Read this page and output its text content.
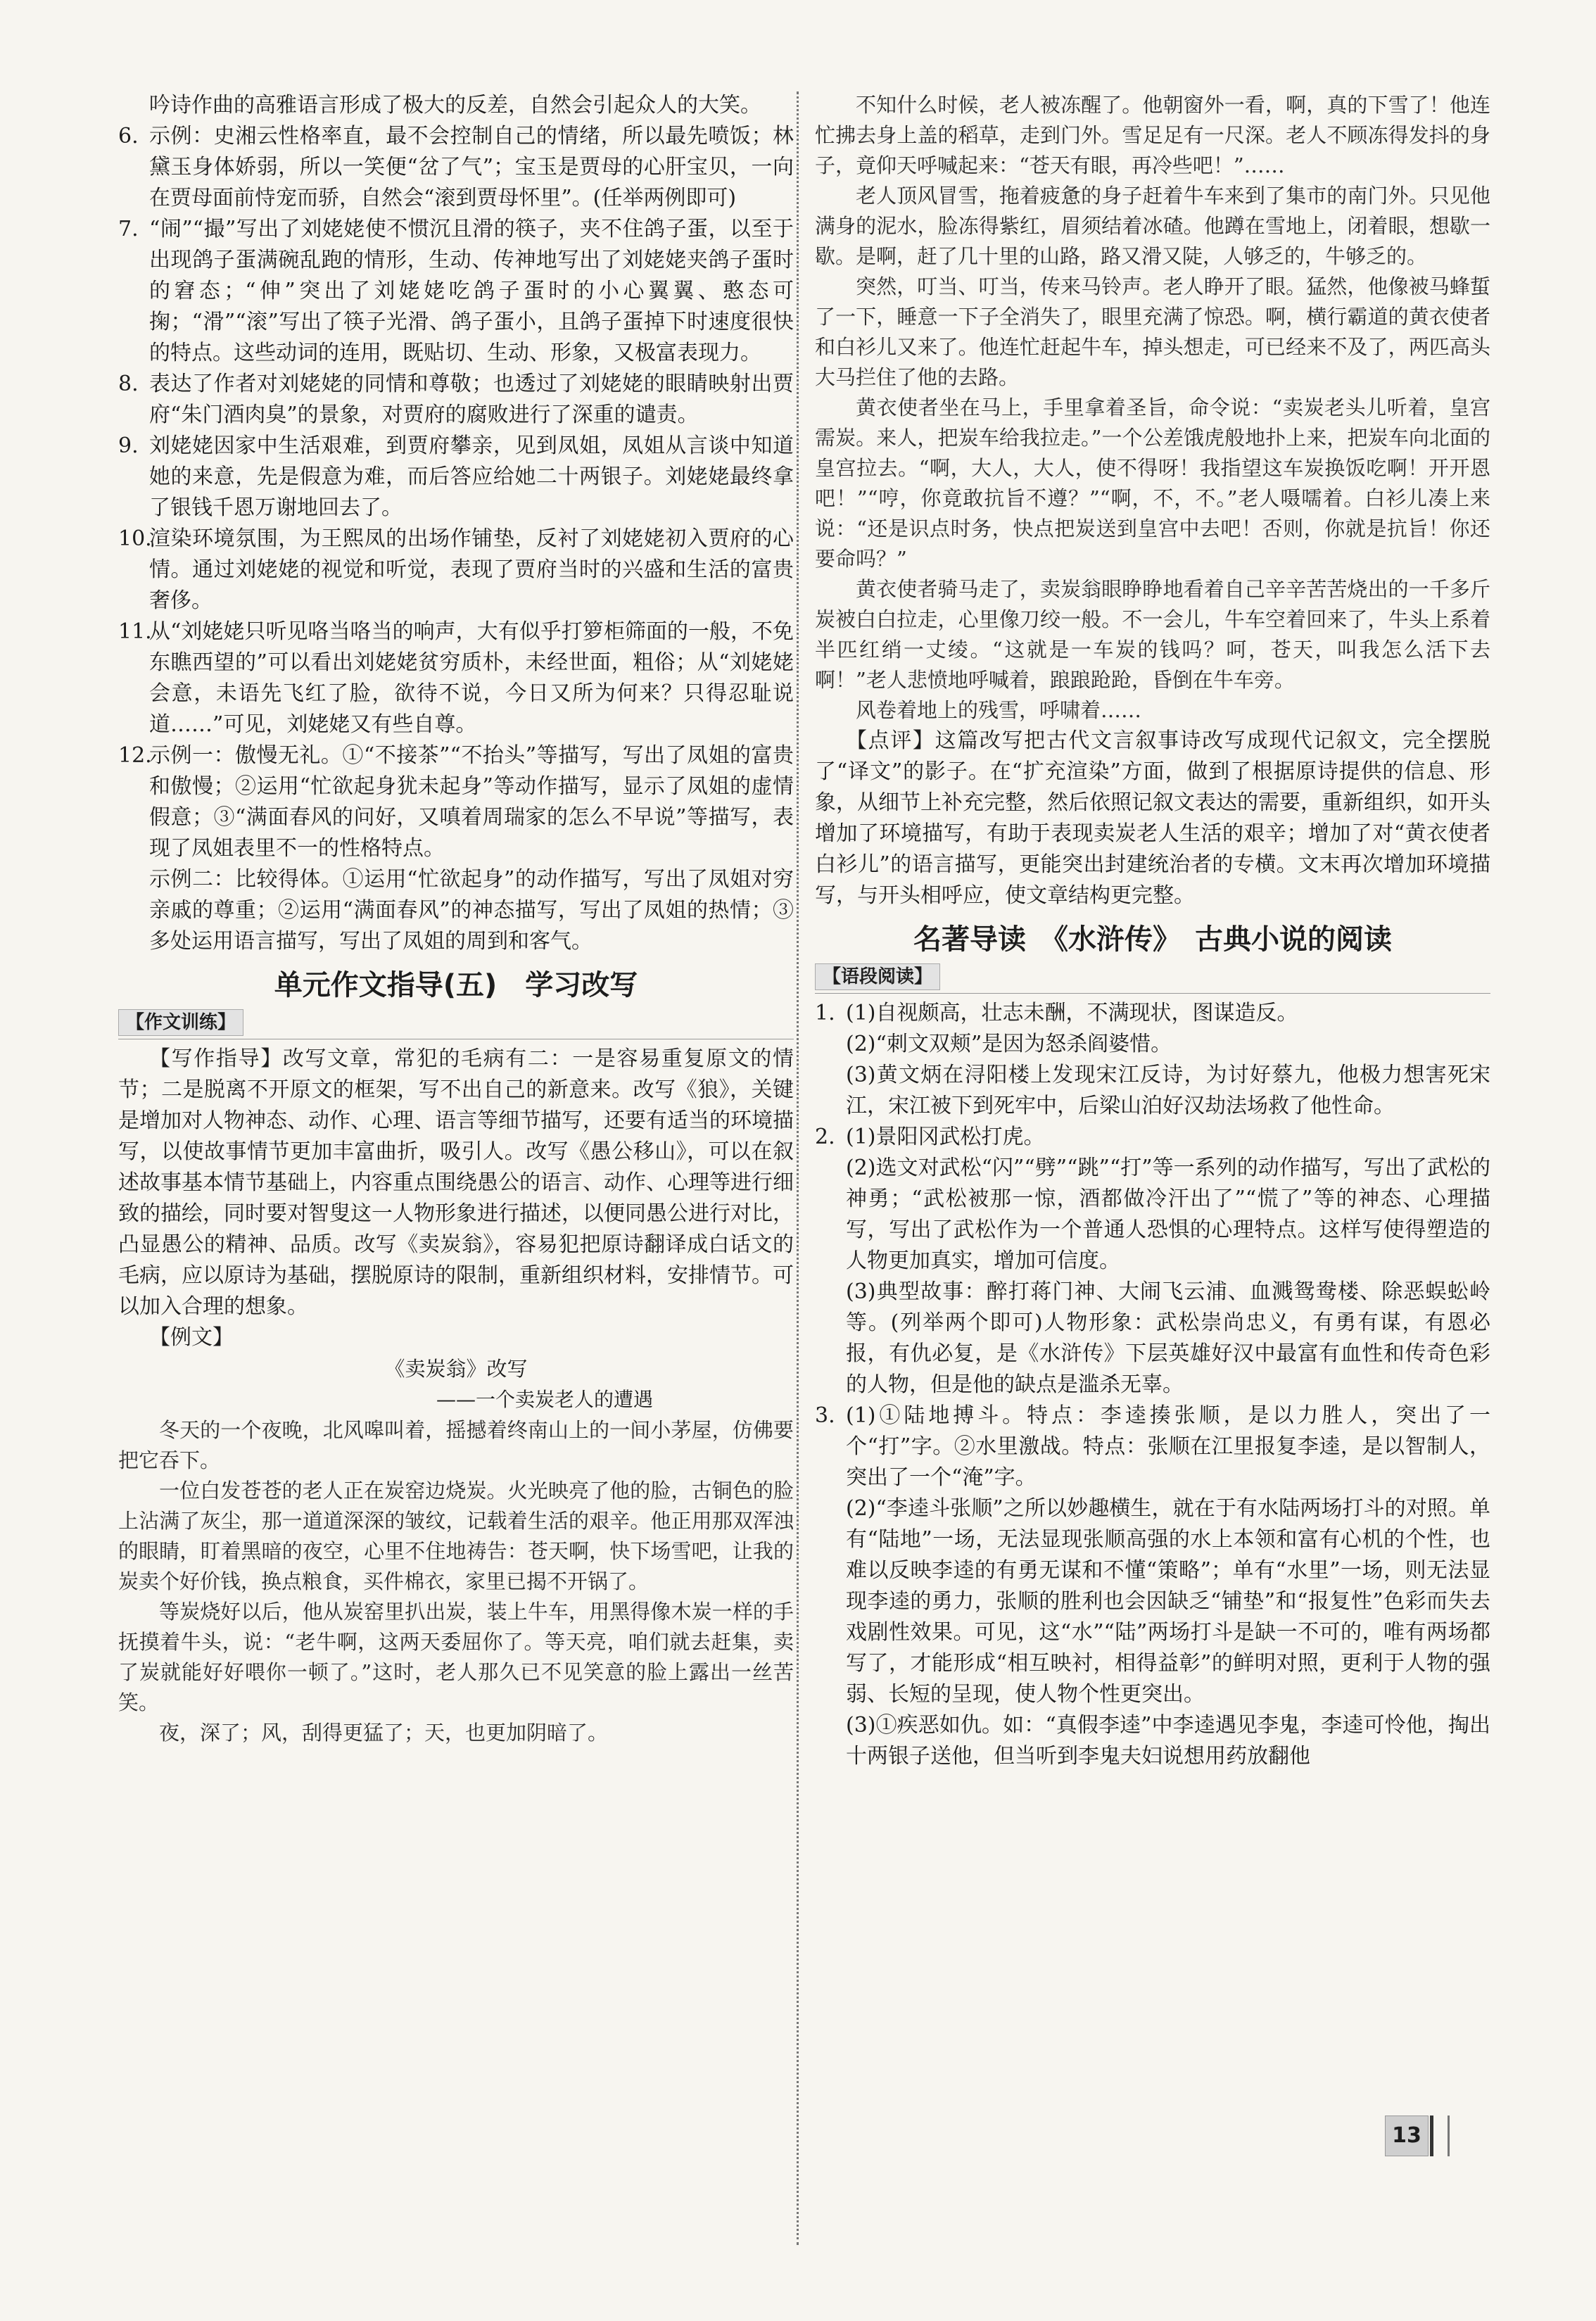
吟诗作曲的高雅语言形成了极大的反差，自然会引起众人的大笑。

6. 示例：史湘云性格率直，最不会控制自己的情绪，所以最先喷饭；林黛玉身体娇弱，所以一笑便“岔了气”；宝玉是贾母的心肝宝贝，一向在贾母面前恃宠而骄，自然会“滚到贾母怀里”。(任举两例即可)

7. “闹”“撮”写出了刘姥姥使不惯沉且滑的筷子，夹不住鸽子蛋，以至于出现鸽子蛋满碗乱跑的情形，生动、传神地写出了刘姥姥夹鸽子蛋时的窘态；“伸”突出了刘姥姥吃鸽子蛋时的小心翼翼、憨态可掬；“滑”“滚”写出了筷子光滑、鸽子蛋小，且鸽子蛋掉下时速度很快的特点。这些动词的连用，既贴切、生动、形象，又极富表现力。

8. 表达了作者对刘姥姥的同情和尊敬；也透过了刘姥姥的眼睛映射出贾府“朱门酒肉臭”的景象，对贾府的腐败进行了深重的谴责。

9. 刘姥姥因家中生活艰难，到贾府攀亲，见到凤姐，凤姐从言谈中知道她的来意，先是假意为难，而后答应给她二十两银子。刘姥姥最终拿了银钱千恩万谢地回去了。

10.
渲染环境氛围，为王熙凤的出场作铺垫，反衬了刘姥姥初入贾府的心情。通过刘姥姥的视觉和听觉，表现了贾府当时的兴盛和生活的富贵奢侈。

11.
从“刘姥姥只听见咯当咯当的响声，大有似乎打箩柜筛面的一般，不免东瞧西望的”可以看出刘姥姥贫穷质朴，未经世面，粗俗；从“刘姥姥会意，未语先飞红了脸，欲待不说，今日又所为何来？只得忍耻说道……”可见，刘姥姥又有些自尊。

12.
示例一：傲慢无礼。①“不接茶”“不抬头”等描写，写出了凤姐的富贵和傲慢；②运用“忙欲起身犹未起身”等动作描写，显示了凤姐的虚情假意；③“满面春风的问好，又嗔着周瑞家的怎么不早说”等描写，表现了凤姐表里不一的性格特点。

示例二：比较得体。①运用“忙欲起身”的动作描写，写出了凤姐对穷亲戚的尊重；②运用“满面春风”的神态描写，写出了凤姐的热情；③多处运用语言描写，写出了凤姐的周到和客气。

单元作文指导(五)　学习改写
【作文训练】

【写作指导】改写文章，常犯的毛病有二：一是容易重复原文的情节；二是脱离不开原文的框架，写不出自己的新意来。改写《狼》，关键是增加对人物神态、动作、心理、语言等细节描写，还要有适当的环境描写，以使故事情节更加丰富曲折，吸引人。改写《愚公移山》，可以在叙述故事基本情节基础上，内容重点围绕愚公的语言、动作、心理等进行细致的描绘，同时要对智叟这一人物形象进行描述，以便同愚公进行对比，凸显愚公的精神、品质。改写《卖炭翁》，容易犯把原诗翻译成白话文的毛病，应以原诗为基础，摆脱原诗的限制，重新组织材料，安排情节。可以加入合理的想象。

【例文】

《卖炭翁》改写

——一个卖炭老人的遭遇

冬天的一个夜晚，北风嗥叫着，摇撼着终南山上的一间小茅屋，仿佛要把它吞下。

一位白发苍苍的老人正在炭窑边烧炭。火光映亮了他的脸，古铜色的脸上沾满了灰尘，那一道道深深的皱纹，记载着生活的艰辛。他正用那双浑浊的眼睛，盯着黑暗的夜空，心里不住地祷告：苍天啊，快下场雪吧，让我的炭卖个好价钱，换点粮食，买件棉衣，家里已揭不开锅了。

等炭烧好以后，他从炭窑里扒出炭，装上牛车，用黑得像木炭一样的手抚摸着牛头，说：“老牛啊，这两天委屈你了。等天亮，咱们就去赶集，卖了炭就能好好喂你一顿了。”这时，老人那久已不见笑意的脸上露出一丝苦笑。

夜，深了；风，刮得更猛了；天，也更加阴暗了。

不知什么时候，老人被冻醒了。他朝窗外一看，啊，真的下雪了！他连忙拂去身上盖的稻草，走到门外。雪足足有一尺深。老人不顾冻得发抖的身子，竟仰天呼喊起来：“苍天有眼，再冷些吧！”……

老人顶风冒雪，拖着疲惫的身子赶着牛车来到了集市的南门外。只见他满身的泥水，脸冻得紫红，眉须结着冰碴。他蹲在雪地上，闭着眼，想歇一歇。是啊，赶了几十里的山路，路又滑又陡，人够乏的，牛够乏的。

突然，叮当、叮当，传来马铃声。老人睁开了眼。猛然，他像被马蜂蜇了一下，睡意一下子全消失了，眼里充满了惊恐。啊，横行霸道的黄衣使者和白衫儿又来了。他连忙赶起牛车，掉头想走，可已经来不及了，两匹高头大马拦住了他的去路。

黄衣使者坐在马上，手里拿着圣旨，命令说：“卖炭老头儿听着，皇宫需炭。来人，把炭车给我拉走。”一个公差饿虎般地扑上来，把炭车向北面的皇宫拉去。“啊，大人，大人，使不得呀！我指望这车炭换饭吃啊！开开恩吧！”“哼，你竟敢抗旨不遵？”“啊，不，不。”老人嗫嚅着。白衫儿凑上来说：“还是识点时务，快点把炭送到皇宫中去吧！否则，你就是抗旨！你还要命吗？”

黄衣使者骑马走了，卖炭翁眼睁睁地看着自己辛辛苦苦烧出的一千多斤炭被白白拉走，心里像刀绞一般。不一会儿，牛车空着回来了，牛头上系着半匹红绡一丈绫。“这就是一车炭的钱吗？呵，苍天，叫我怎么活下去啊！”老人悲愤地呼喊着，踉踉跄跄，昏倒在牛车旁。

风卷着地上的残雪，呼啸着……

【点评】这篇改写把古代文言叙事诗改写成现代记叙文，完全摆脱了“译文”的影子。在“扩充渲染”方面，做到了根据原诗提供的信息、形象，从细节上补充完整，然后依照记叙文表达的需要，重新组织，如开头增加了环境描写，有助于表现卖炭老人生活的艰辛；增加了对“黄衣使者白衫儿”的语言描写，更能突出封建统治者的专横。文末再次增加环境描写，与开头相呼应，使文章结构更完整。

名著导读　《水浒传》　古典小说的阅读
【语段阅读】

1. (1)自视颇高，壮志未酬，不满现状，图谋造反。

(2)“刺文双颊”是因为怒杀阎婆惜。

(3)黄文炳在浔阳楼上发现宋江反诗，为讨好蔡九，他极力想害死宋江，宋江被下到死牢中，后梁山泊好汉劫法场救了他性命。

2. (1)景阳冈武松打虎。

(2)选文对武松“闪”“劈”“跳”“打”等一系列的动作描写，写出了武松的神勇；“武松被那一惊，酒都做冷汗出了”“慌了”等的神态、心理描写，写出了武松作为一个普通人恐惧的心理特点。这样写使得塑造的人物更加真实，增加可信度。

(3)典型故事：醉打蒋门神、大闹飞云浦、血溅鸳鸯楼、除恶蜈蚣岭等。(列举两个即可)人物形象：武松崇尚忠义，有勇有谋，有恩必报，有仇必复，是《水浒传》下层英雄好汉中最富有血性和传奇色彩的人物，但是他的缺点是滥杀无辜。

3. (1)①陆地搏斗。特点：李逵揍张顺，是以力胜人，突出了一个“打”字。②水里激战。特点：张顺在江里报复李逵，是以智制人，突出了一个“淹”字。

(2)“李逵斗张顺”之所以妙趣横生，就在于有水陆两场打斗的对照。单有“陆地”一场，无法显现张顺高强的水上本领和富有心机的个性，也难以反映李逵的有勇无谋和不懂“策略”；单有“水里”一场，则无法显现李逵的勇力，张顺的胜利也会因缺乏“铺垫”和“报复性”色彩而失去戏剧性效果。可见，这“水”“陆”两场打斗是缺一不可的，唯有两场都写了，才能形成“相互映衬，相得益彰”的鲜明对照，更利于人物的强弱、长短的呈现，使人物个性更突出。

(3)①疾恶如仇。如：“真假李逵”中李逵遇见李鬼，李逵可怜他，掏出十两银子送他，但当听到李鬼夫妇说想用药放翻他

13
